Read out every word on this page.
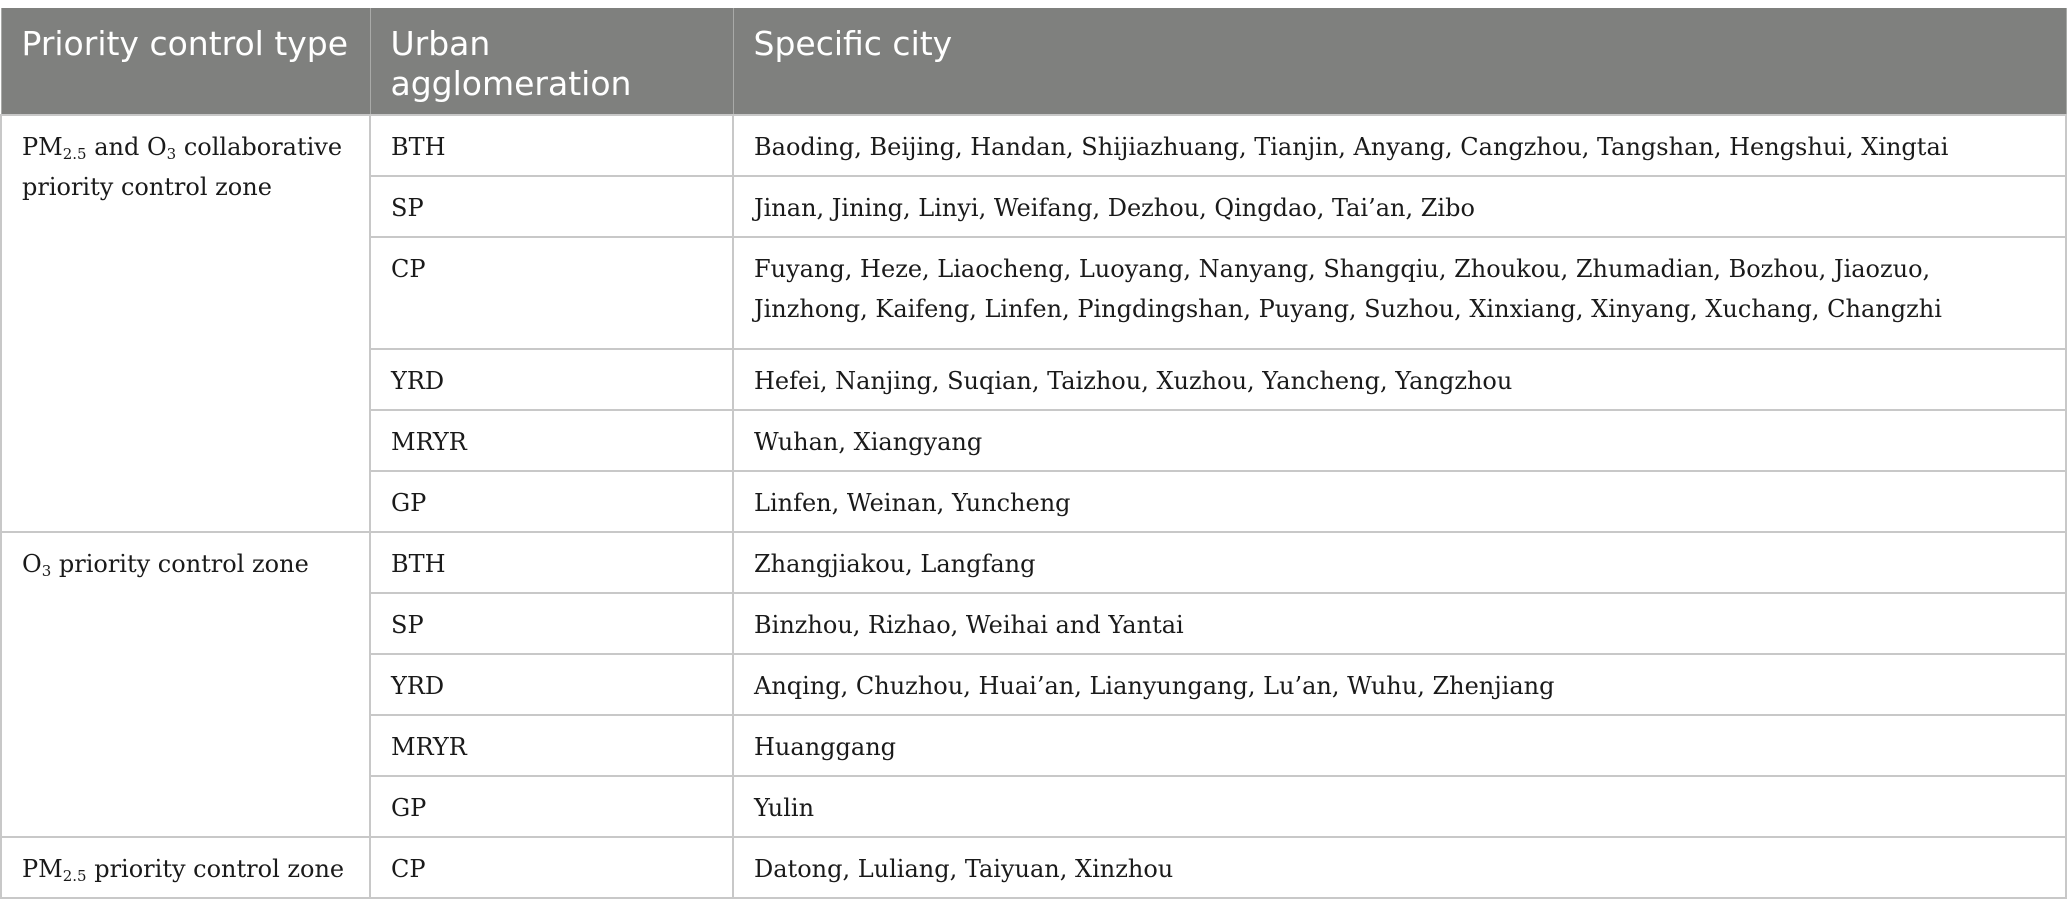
Priority control type	Urban agglomeration	Specific city
$PM_{2.5}$ and $O_3$ collaborative priority control zone	BTH	Baoding, Beijing, Handan, Shijiazhuang, Tianjin, Anyang, Cangzhou, Tangshan, Hengshui, Xingtai
	SP	Jinan, Jining, Linyi, Weifang, Dezhou, Qingdao, Tai’an, Zibo
	CP	Fuyang, Heze, Liaocheng, Luoyang, Nanyang, Shangqiu, Zhoukou, Zhumadian, Bozhou, Jiaozuo, Jinzhong, Kaifeng, Linfen, Pingdingshan, Puyang, Suzhou, Xinxiang, Xinyang, Xuchang, Changzhi
	YRD	Hefei, Nanjing, Suqian, Taizhou, Xuzhou, Yancheng, Yangzhou
	MRYR	Wuhan, Xiangyang
	GP	Linfen, Weinan, Yuncheng
$O_3$ priority control zone	BTH	Zhangjiakou, Langfang
	SP	Binzhou, Rizhao, Weihai and Yantai
	YRD	Anqing, Chuzhou, Huai’an, Lianyungang, Lu’an, Wuhu, Zhenjiang
	MRYR	Huanggang
	GP	Yulin
$PM_{2.5}$ priority control zone	CP	Datong, Luliang, Taiyuan, Xinzhou
